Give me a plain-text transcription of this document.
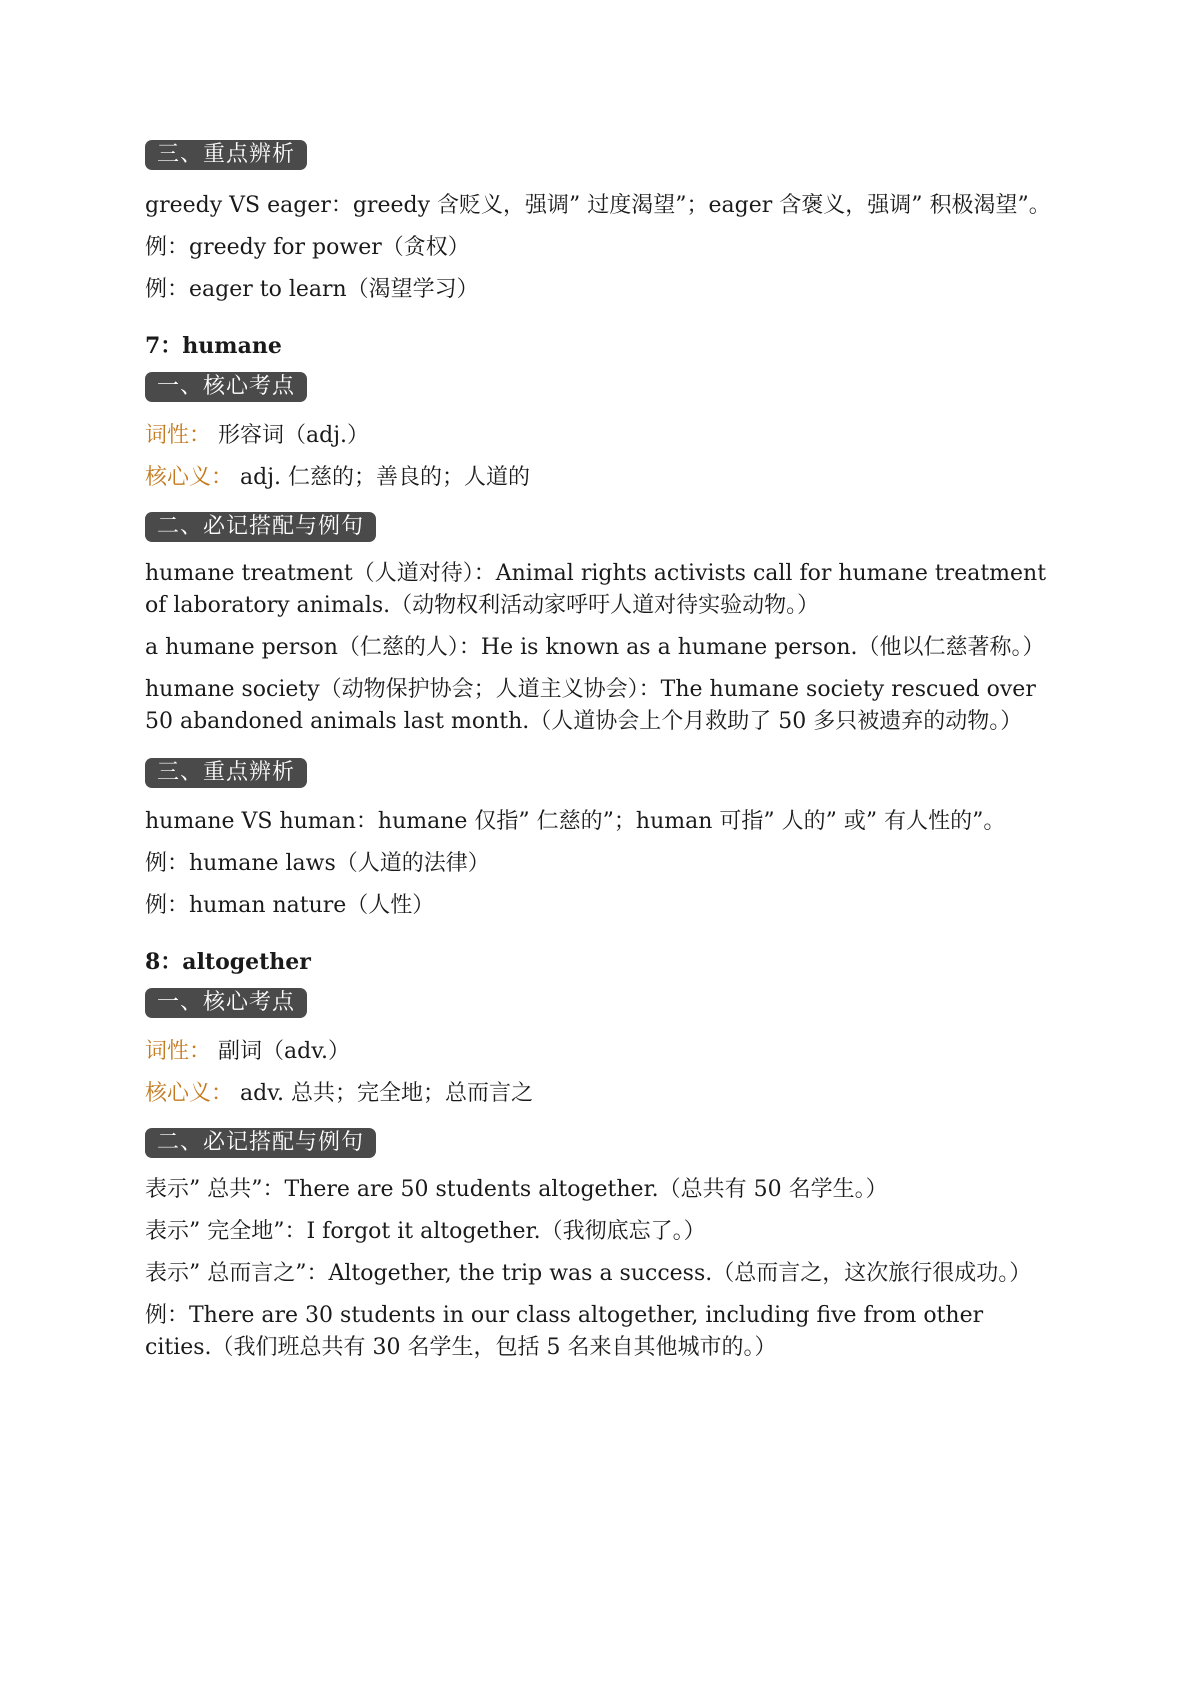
三、重点辨析

greedy VS eager：greedy 含贬义，强调” 过度渴望”；eager 含褒义，强调” 积极渴望”。

例：greedy for power（贪权）

例：eager to learn（渴望学习）

7：humane

一、核心考点

词性： 形容词（adj.）

核心义： adj. 仁慈的；善良的；人道的

二、必记搭配与例句

humane treatment（人道对待）：Animal rights activists call for humane treatment of laboratory animals.（动物权利活动家呼吁人道对待实验动物。）

a humane person（仁慈的人）：He is known as a humane person.（他以仁慈著称。）

humane society（动物保护协会；人道主义协会）：The humane society rescued over 50 abandoned animals last month.（人道协会上个月救助了 50 多只被遗弃的动物。）

三、重点辨析

humane VS human：humane 仅指” 仁慈的”；human 可指” 人的” 或” 有人性的”。

例：humane laws（人道的法律）

例：human nature（人性）

8：altogether

一、核心考点

词性： 副词（adv.）

核心义： adv. 总共；完全地；总而言之

二、必记搭配与例句

表示” 总共”：There are 50 students altogether.（总共有 50 名学生。）

表示” 完全地”：I forgot it altogether.（我彻底忘了。）

表示” 总而言之”：Altogether, the trip was a success.（总而言之，这次旅行很成功。）

例：There are 30 students in our class altogether, including five from other cities.（我们班总共有 30 名学生，包括 5 名来自其他城市的。）
